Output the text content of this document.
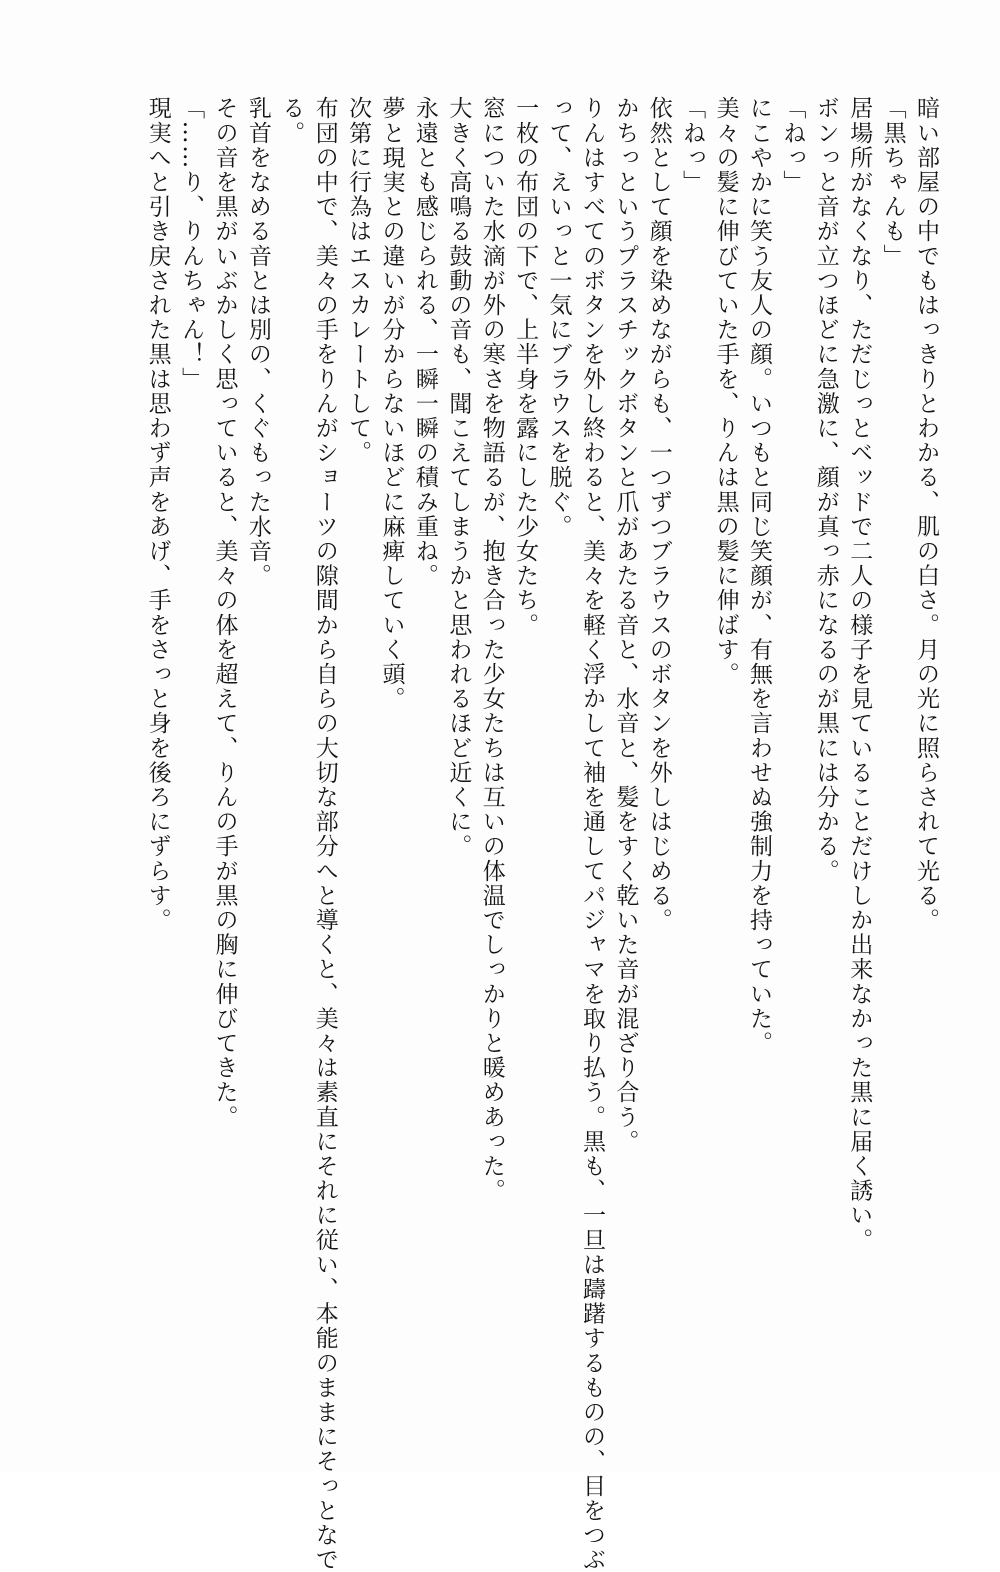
暗い部屋の中でもはっきりとわかる、肌の白さ。月の光に照らされて光る。
「黒ちゃんも」
居場所がなくなり、ただじっとベッドで二人の様子を見ていることだけしか出来なかった黒に届く誘い。
ボンっと音が立つほどに急激に、顔が真っ赤になるのが黒には分かる。
「ねっ」
にこやかに笑う友人の顔。いつもと同じ笑顔が、有無を言わせぬ強制力を持っていた。
美々の髪に伸びていた手を、りんは黒の髪に伸ばす。
「ねっ」
依然として顔を染めながらも、一つずつブラウスのボタンを外しはじめる。
かちっというプラスチックボタンと爪があたる音と、水音と、髪をすく乾いた音が混ざり合う。
りんはすべてのボタンを外し終わると、美々を軽く浮かして袖を通してパジャマを取り払う。黒も、一旦は躊躇するものの、目をつぶ
って、えいっと一気にブラウスを脱ぐ。
一枚の布団の下で、上半身を露にした少女たち。
窓についた水滴が外の寒さを物語るが、抱き合った少女たちは互いの体温でしっかりと暖めあった。
大きく高鳴る鼓動の音も、聞こえてしまうかと思われるほど近くに。
永遠とも感じられる、一瞬一瞬の積み重ね。
夢と現実との違いが分からないほどに麻痺していく頭。
次第に行為はエスカレートして。
布団の中で、美々の手をりんがショーツの隙間から自らの大切な部分へと導くと、美々は素直にそれに従い、本能のままにそっとなで
る。
乳首をなめる音とは別の、くぐもった水音。
その音を黒がいぶかしく思っていると、美々の体を超えて、りんの手が黒の胸に伸びてきた。
「……り、りんちゃん！」
現実へと引き戻された黒は思わず声をあげ、手をさっと身を後ろにずらす。
